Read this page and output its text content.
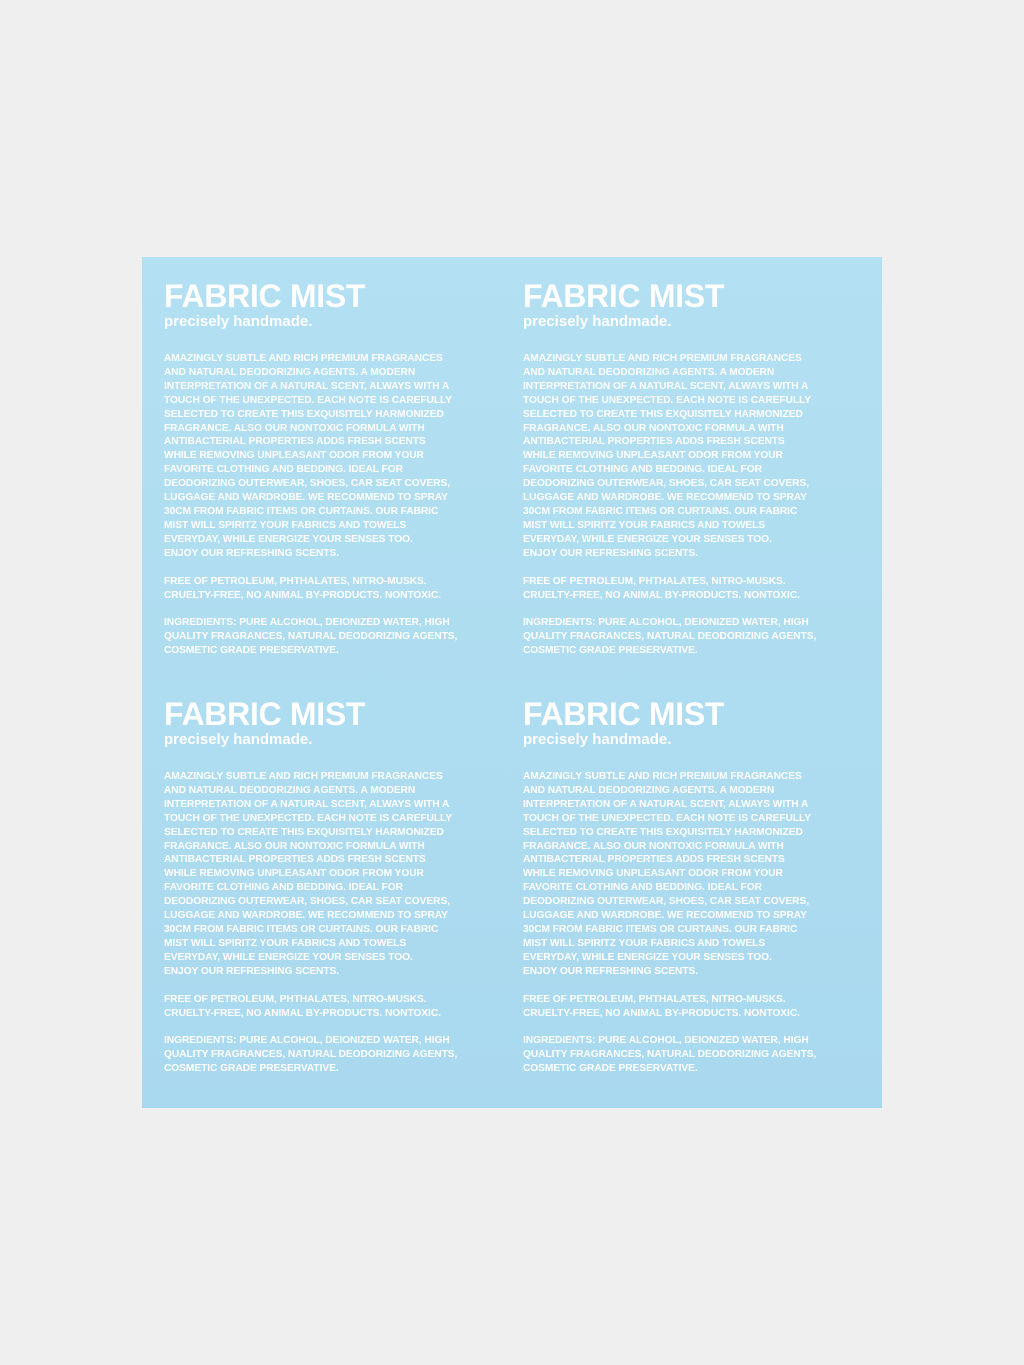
FABRIC MIST
precisely handmade.
AMAZINGLY SUBTLE AND RICH PREMIUM FRAGRANCES
AND NATURAL DEODORIZING AGENTS. A MODERN
INTERPRETATION OF A NATURAL SCENT, ALWAYS WITH A
TOUCH OF THE UNEXPECTED. EACH NOTE IS CAREFULLY
SELECTED TO CREATE THIS EXQUISITELY HARMONIZED
FRAGRANCE. ALSO OUR NONTOXIC FORMULA WITH
ANTIBACTERIAL PROPERTIES ADDS FRESH SCENTS
WHILE REMOVING UNPLEASANT ODOR FROM YOUR
FAVORITE CLOTHING AND BEDDING. IDEAL FOR
DEODORIZING OUTERWEAR, SHOES, CAR SEAT COVERS,
LUGGAGE AND WARDROBE. WE RECOMMEND TO SPRAY
30CM FROM FABRIC ITEMS OR CURTAINS. OUR FABRIC
MIST WILL SPIRITZ YOUR FABRICS AND TOWELS
EVERYDAY, WHILE ENERGIZE YOUR SENSES TOO.
ENJOY OUR REFRESHING SCENTS.
FREE OF PETROLEUM, PHTHALATES, NITRO-MUSKS.
CRUELTY-FREE, NO ANIMAL BY-PRODUCTS. NONTOXIC.
INGREDIENTS: PURE ALCOHOL, DEIONIZED WATER, HIGH
QUALITY FRAGRANCES, NATURAL DEODORIZING AGENTS,
COSMETIC GRADE PRESERVATIVE.
FABRIC MIST
precisely handmade.
AMAZINGLY SUBTLE AND RICH PREMIUM FRAGRANCES
AND NATURAL DEODORIZING AGENTS. A MODERN
INTERPRETATION OF A NATURAL SCENT, ALWAYS WITH A
TOUCH OF THE UNEXPECTED. EACH NOTE IS CAREFULLY
SELECTED TO CREATE THIS EXQUISITELY HARMONIZED
FRAGRANCE. ALSO OUR NONTOXIC FORMULA WITH
ANTIBACTERIAL PROPERTIES ADDS FRESH SCENTS
WHILE REMOVING UNPLEASANT ODOR FROM YOUR
FAVORITE CLOTHING AND BEDDING. IDEAL FOR
DEODORIZING OUTERWEAR, SHOES, CAR SEAT COVERS,
LUGGAGE AND WARDROBE. WE RECOMMEND TO SPRAY
30CM FROM FABRIC ITEMS OR CURTAINS. OUR FABRIC
MIST WILL SPIRITZ YOUR FABRICS AND TOWELS
EVERYDAY, WHILE ENERGIZE YOUR SENSES TOO.
ENJOY OUR REFRESHING SCENTS.
FREE OF PETROLEUM, PHTHALATES, NITRO-MUSKS.
CRUELTY-FREE, NO ANIMAL BY-PRODUCTS. NONTOXIC.
INGREDIENTS: PURE ALCOHOL, DEIONIZED WATER, HIGH
QUALITY FRAGRANCES, NATURAL DEODORIZING AGENTS,
COSMETIC GRADE PRESERVATIVE.
FABRIC MIST
precisely handmade.
AMAZINGLY SUBTLE AND RICH PREMIUM FRAGRANCES
AND NATURAL DEODORIZING AGENTS. A MODERN
INTERPRETATION OF A NATURAL SCENT, ALWAYS WITH A
TOUCH OF THE UNEXPECTED. EACH NOTE IS CAREFULLY
SELECTED TO CREATE THIS EXQUISITELY HARMONIZED
FRAGRANCE. ALSO OUR NONTOXIC FORMULA WITH
ANTIBACTERIAL PROPERTIES ADDS FRESH SCENTS
WHILE REMOVING UNPLEASANT ODOR FROM YOUR
FAVORITE CLOTHING AND BEDDING. IDEAL FOR
DEODORIZING OUTERWEAR, SHOES, CAR SEAT COVERS,
LUGGAGE AND WARDROBE. WE RECOMMEND TO SPRAY
30CM FROM FABRIC ITEMS OR CURTAINS. OUR FABRIC
MIST WILL SPIRITZ YOUR FABRICS AND TOWELS
EVERYDAY, WHILE ENERGIZE YOUR SENSES TOO.
ENJOY OUR REFRESHING SCENTS.
FREE OF PETROLEUM, PHTHALATES, NITRO-MUSKS.
CRUELTY-FREE, NO ANIMAL BY-PRODUCTS. NONTOXIC.
INGREDIENTS: PURE ALCOHOL, DEIONIZED WATER, HIGH
QUALITY FRAGRANCES, NATURAL DEODORIZING AGENTS,
COSMETIC GRADE PRESERVATIVE.
FABRIC MIST
precisely handmade.
AMAZINGLY SUBTLE AND RICH PREMIUM FRAGRANCES
AND NATURAL DEODORIZING AGENTS. A MODERN
INTERPRETATION OF A NATURAL SCENT, ALWAYS WITH A
TOUCH OF THE UNEXPECTED. EACH NOTE IS CAREFULLY
SELECTED TO CREATE THIS EXQUISITELY HARMONIZED
FRAGRANCE. ALSO OUR NONTOXIC FORMULA WITH
ANTIBACTERIAL PROPERTIES ADDS FRESH SCENTS
WHILE REMOVING UNPLEASANT ODOR FROM YOUR
FAVORITE CLOTHING AND BEDDING. IDEAL FOR
DEODORIZING OUTERWEAR, SHOES, CAR SEAT COVERS,
LUGGAGE AND WARDROBE. WE RECOMMEND TO SPRAY
30CM FROM FABRIC ITEMS OR CURTAINS. OUR FABRIC
MIST WILL SPIRITZ YOUR FABRICS AND TOWELS
EVERYDAY, WHILE ENERGIZE YOUR SENSES TOO.
ENJOY OUR REFRESHING SCENTS.
FREE OF PETROLEUM, PHTHALATES, NITRO-MUSKS.
CRUELTY-FREE, NO ANIMAL BY-PRODUCTS. NONTOXIC.
INGREDIENTS: PURE ALCOHOL, DEIONIZED WATER, HIGH
QUALITY FRAGRANCES, NATURAL DEODORIZING AGENTS,
COSMETIC GRADE PRESERVATIVE.
